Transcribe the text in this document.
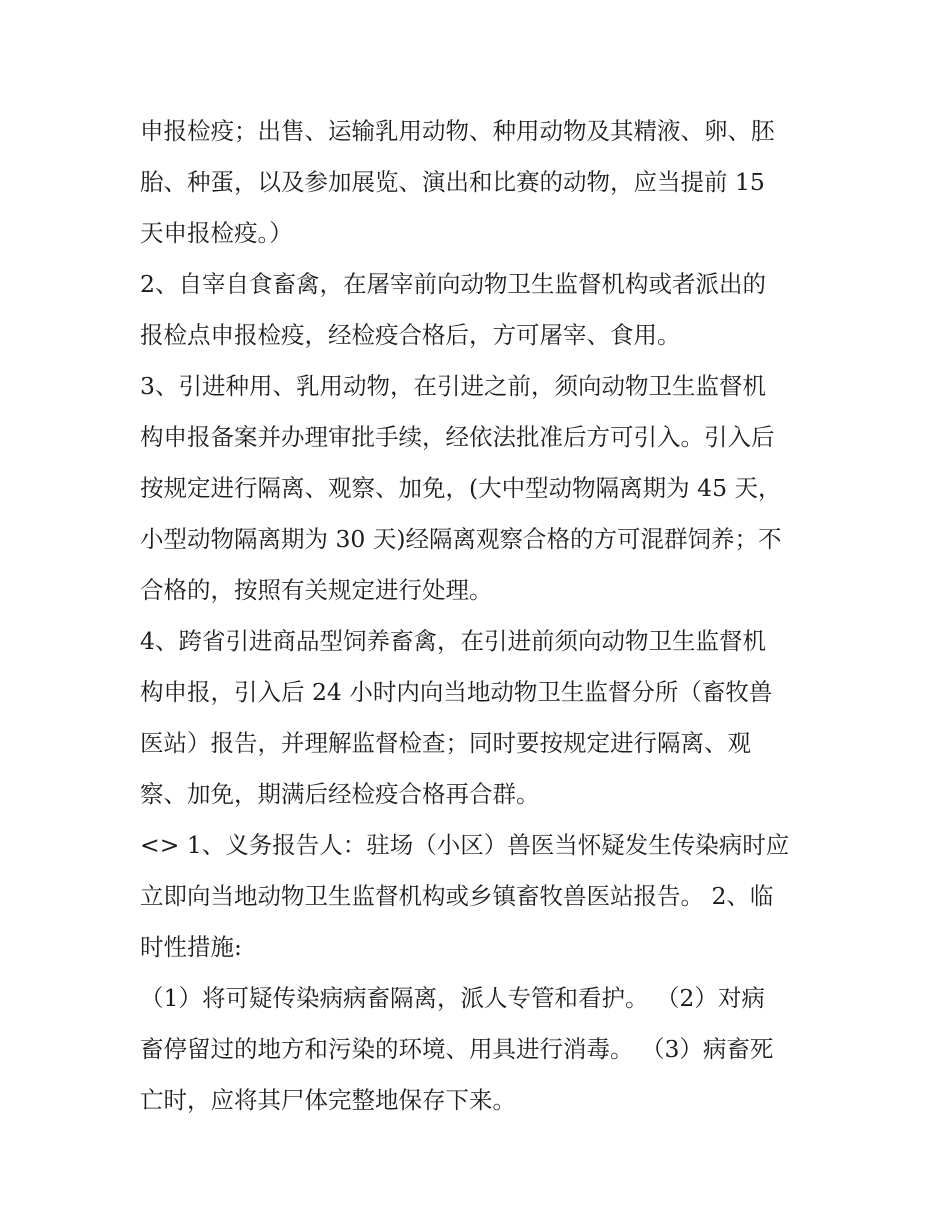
申报检疫；出售、运输乳用动物、种用动物及其精液、卵、胚
胎、种蛋，以及参加展览、演出和比赛的动物，应当提前 15
天申报检疫。）
2、自宰自食畜禽，在屠宰前向动物卫生监督机构或者派出的
报检点申报检疫，经检疫合格后，方可屠宰、食用。
3、引进种用、乳用动物，在引进之前，须向动物卫生监督机
构申报备案并办理审批手续，经依法批准后方可引入。引入后
按规定进行隔离、观察、加免，(大中型动物隔离期为 45 天，
小型动物隔离期为 30 天)经隔离观察合格的方可混群饲养；不
合格的，按照有关规定进行处理。
4、跨省引进商品型饲养畜禽，在引进前须向动物卫生监督机
构申报，引入后 24 小时内向当地动物卫生监督分所（畜牧兽
医站）报告，并理解监督检查；同时要按规定进行隔离、观
察、加免，期满后经检疫合格再合群。
<> 1、义务报告人：驻场（小区）兽医当怀疑发生传染病时应
立即向当地动物卫生监督机构或乡镇畜牧兽医站报告。 2、临
时性措施:
（1）将可疑传染病病畜隔离，派人专管和看护。 （2）对病
畜停留过的地方和污染的环境、用具进行消毒。 （3）病畜死
亡时，应将其尸体完整地保存下来。
